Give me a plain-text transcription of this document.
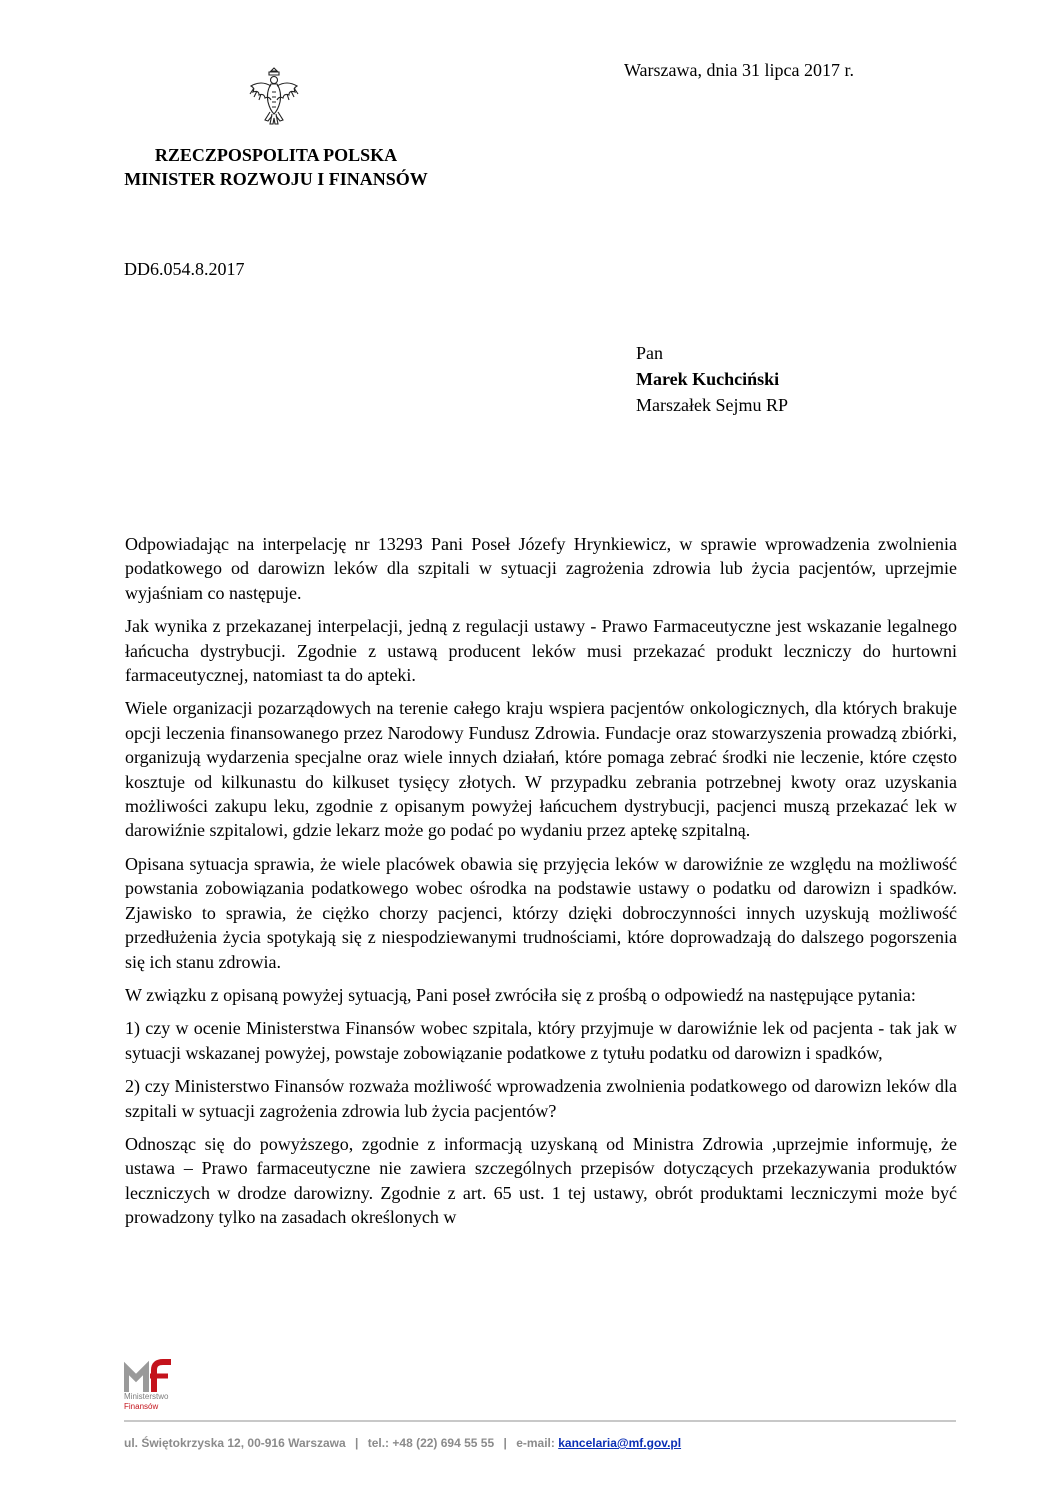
Warszawa, dnia 31 lipca 2017 r.
RZECZPOSPOLITA POLSKA
MINISTER ROZWOJU I FINANSÓW
DD6.054.8.2017
Pan
Marek Kuchciński
Marszałek Sejmu RP

Odpowiadając na interpelację nr 13293 Pani Poseł Józefy Hrynkiewicz, w sprawie wprowadzenia zwolnienia podatkowego od darowizn leków dla szpitali w sytuacji zagrożenia zdrowia lub życia pacjentów, uprzejmie wyjaśniam co następuje.

Jak wynika z przekazanej interpelacji, jedną z regulacji ustawy - Prawo Farmaceutyczne jest wskazanie legalnego łańcucha dystrybucji. Zgodnie z ustawą producent leków musi przekazać produkt leczniczy do hurtowni farmaceutycznej, natomiast ta do apteki.

Wiele organizacji pozarządowych na terenie całego kraju wspiera pacjentów onkologicznych, dla których brakuje opcji leczenia finansowanego przez Narodowy Fundusz Zdrowia. Fundacje oraz stowarzyszenia prowadzą zbiórki, organizują wydarzenia specjalne oraz wiele innych działań, które pomaga zebrać środki nie leczenie, które często kosztuje od kilkunastu do kilkuset tysięcy złotych. W przypadku zebrania potrzebnej kwoty oraz uzyskania możliwości zakupu leku, zgodnie z opisanym powyżej łańcuchem dystrybucji, pacjenci muszą przekazać lek w darowiźnie szpitalowi, gdzie lekarz może go podać po wydaniu przez aptekę szpitalną.

Opisana sytuacja sprawia, że wiele placówek obawia się przyjęcia leków w darowiźnie ze względu na możliwość powstania zobowiązania podatkowego wobec ośrodka na podstawie ustawy o podatku od darowizn i spadków. Zjawisko to sprawia, że ciężko chorzy pacjenci, którzy dzięki dobroczynności innych uzyskują możliwość przedłużenia życia spotykają się z niespodziewanymi trudnościami, które doprowadzają do dalszego pogorszenia się ich stanu zdrowia.

W związku z opisaną powyżej sytuacją, Pani poseł zwróciła się z prośbą o odpowiedź na następujące pytania:

1) czy w ocenie Ministerstwa Finansów wobec szpitala, który przyjmuje w darowiźnie lek od pacjenta - tak jak w sytuacji wskazanej powyżej, powstaje zobowiązanie podatkowe z tytułu podatku od darowizn i spadków,

2) czy Ministerstwo Finansów rozważa możliwość wprowadzenia zwolnienia podatkowego od darowizn leków dla szpitali w sytuacji zagrożenia zdrowia lub życia pacjentów?

Odnosząc się do powyższego, zgodnie z informacją uzyskaną od Ministra Zdrowia ,uprzejmie informuję, że ustawa – Prawo farmaceutyczne nie zawiera szczególnych przepisów dotyczących przekazywania produktów leczniczych w drodze darowizny. Zgodnie z art. 65 ust. 1 tej ustawy, obrót produktami leczniczymi może być prowadzony tylko na zasadach określonych w

Ministerstwo
Finansów
ul. Świętokrzyska 12, 00-916 Warszawa | tel.: +48 (22) 694 55 55 | e-mail: kancelaria@mf.gov.pl
